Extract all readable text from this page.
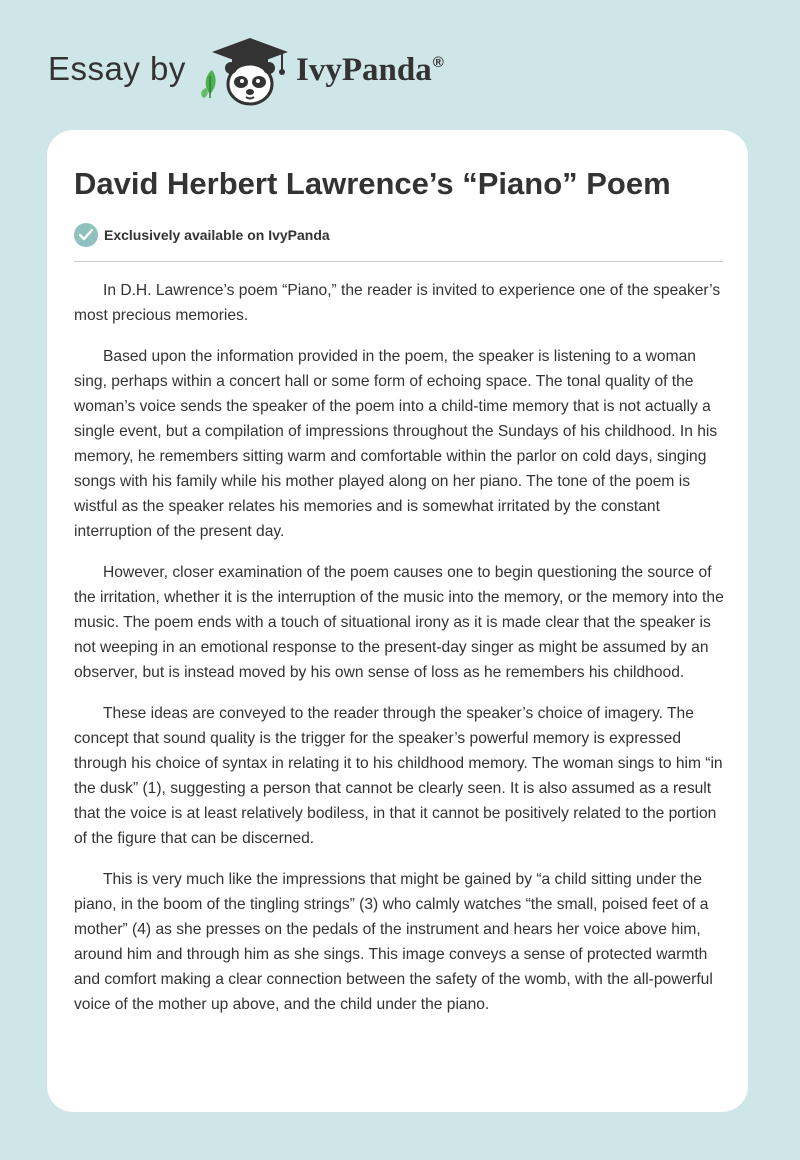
Essay by	IvyPanda®
David Herbert Lawrence’s “Piano” Poem
Exclusively available on IvyPanda

In D.H. Lawrence’s poem “Piano,” the reader is invited to experience one of the speaker’s most precious memories.

Based upon the information provided in the poem, the speaker is listening to a woman sing, perhaps within a concert hall or some form of echoing space. The tonal quality of the woman’s voice sends the speaker of the poem into a child-time memory that is not actually a single event, but a compilation of impressions throughout the Sundays of his childhood. In his memory, he remembers sitting warm and comfortable within the parlor on cold days, singing songs with his family while his mother played along on her piano. The tone of the poem is wistful as the speaker relates his memories and is somewhat irritated by the constant interruption of the present day.

However, closer examination of the poem causes one to begin questioning the source of the irritation, whether it is the interruption of the music into the memory, or the memory into the music. The poem ends with a touch of situational irony as it is made clear that the speaker is not weeping in an emotional response to the present-day singer as might be assumed by an observer, but is instead moved by his own sense of loss as he remembers his childhood.

These ideas are conveyed to the reader through the speaker’s choice of imagery. The concept that sound quality is the trigger for the speaker’s powerful memory is expressed through his choice of syntax in relating it to his childhood memory. The woman sings to him “in the dusk” (1), suggesting a person that cannot be clearly seen. It is also assumed as a result that the voice is at least relatively bodiless, in that it cannot be positively related to the portion of the figure that can be discerned.

This is very much like the impressions that might be gained by “a child sitting under the piano, in the boom of the tingling strings” (3) who calmly watches “the small, poised feet of a mother” (4) as she presses on the pedals of the instrument and hears her voice above him, around him and through him as she sings. This image conveys a sense of protected warmth and comfort making a clear connection between the safety of the womb, with the all-powerful voice of the mother up above, and the child under the piano.
